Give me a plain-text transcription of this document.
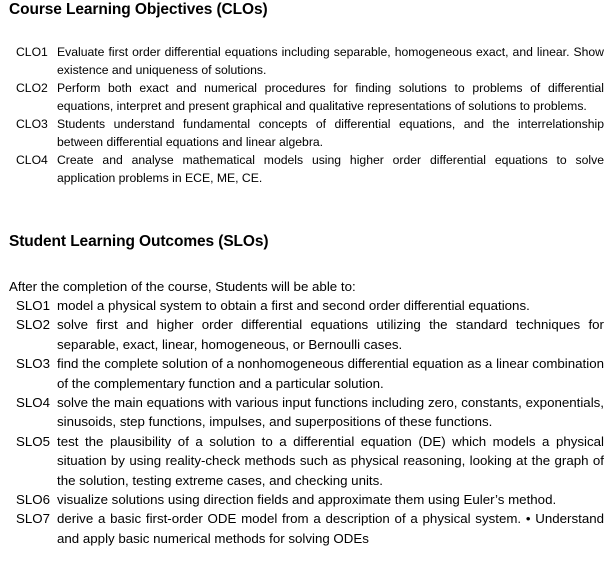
Course Learning Objectives (CLOs)
CLO1 Evaluate first order differential equations including separable, homogeneous exact, and linear. Show existence and uniqueness of solutions.
CLO2 Perform both exact and numerical procedures for finding solutions to problems of differential equations, interpret and present graphical and qualitative representations of solutions to problems.
CLO3 Students understand fundamental concepts of differential equations, and the interrelationship between differential equations and linear algebra.
CLO4 Create and analyse mathematical models using higher order differential equations to solve application problems in ECE, ME, CE.
Student Learning Outcomes (SLOs)
After the completion of the course, Students will be able to:
SLO1 model a physical system to obtain a first and second order differential equations.
SLO2 solve first and higher order differential equations utilizing the standard techniques for separable, exact, linear, homogeneous, or Bernoulli cases.
SLO3 find the complete solution of a nonhomogeneous differential equation as a linear combination of the complementary function and a particular solution.
SLO4 solve the main equations with various input functions including zero, constants, exponentials, sinusoids, step functions, impulses, and superpositions of these functions.
SLO5 test the plausibility of a solution to a differential equation (DE) which models a physical situation by using reality-check methods such as physical reasoning, looking at the graph of the solution, testing extreme cases, and checking units.
SLO6 visualize solutions using direction fields and approximate them using Euler’s method.
SLO7 derive a basic first-order ODE model from a description of a physical system. • Understand and apply basic numerical methods for solving ODEs
